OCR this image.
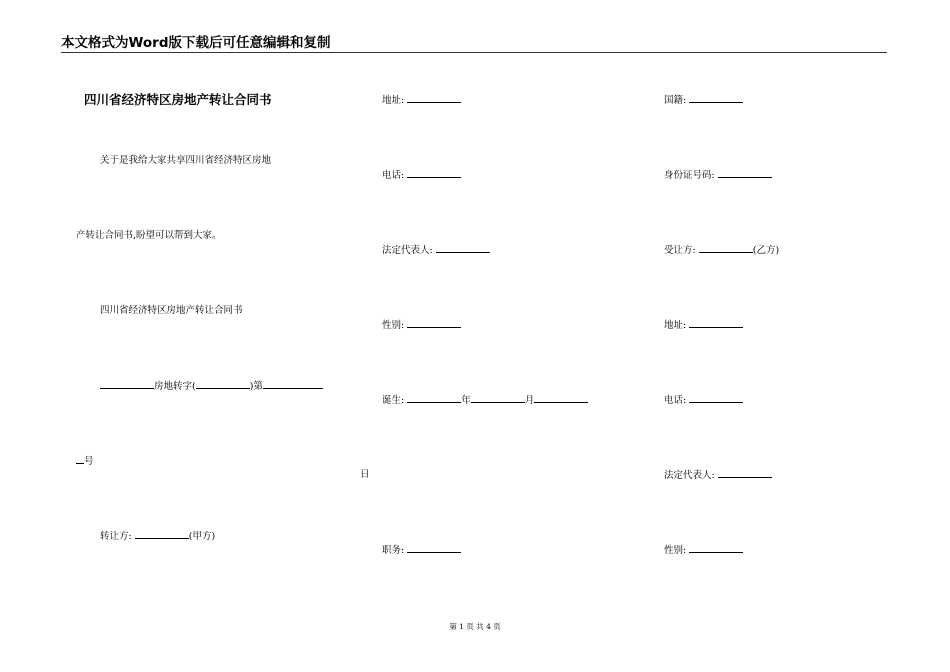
本文格式为Word版下载后可任意编辑和复制
四川省经济特区房地产转让合同书
关于是我给大家共享四川省经济特区房地
产转让合同书,盼望可以帮到大家。
四川省经济特区房地产转让合同书
房地转字(	)第
号
转让方:	(甲方)
地址:
电话:
法定代表人:
性别:
诞生:	年	月
日
职务:
国籍:
身份证号码:
受让方:	(乙方)
地址:
电话:
法定代表人:
性别:
第 1 页 共 4 页
